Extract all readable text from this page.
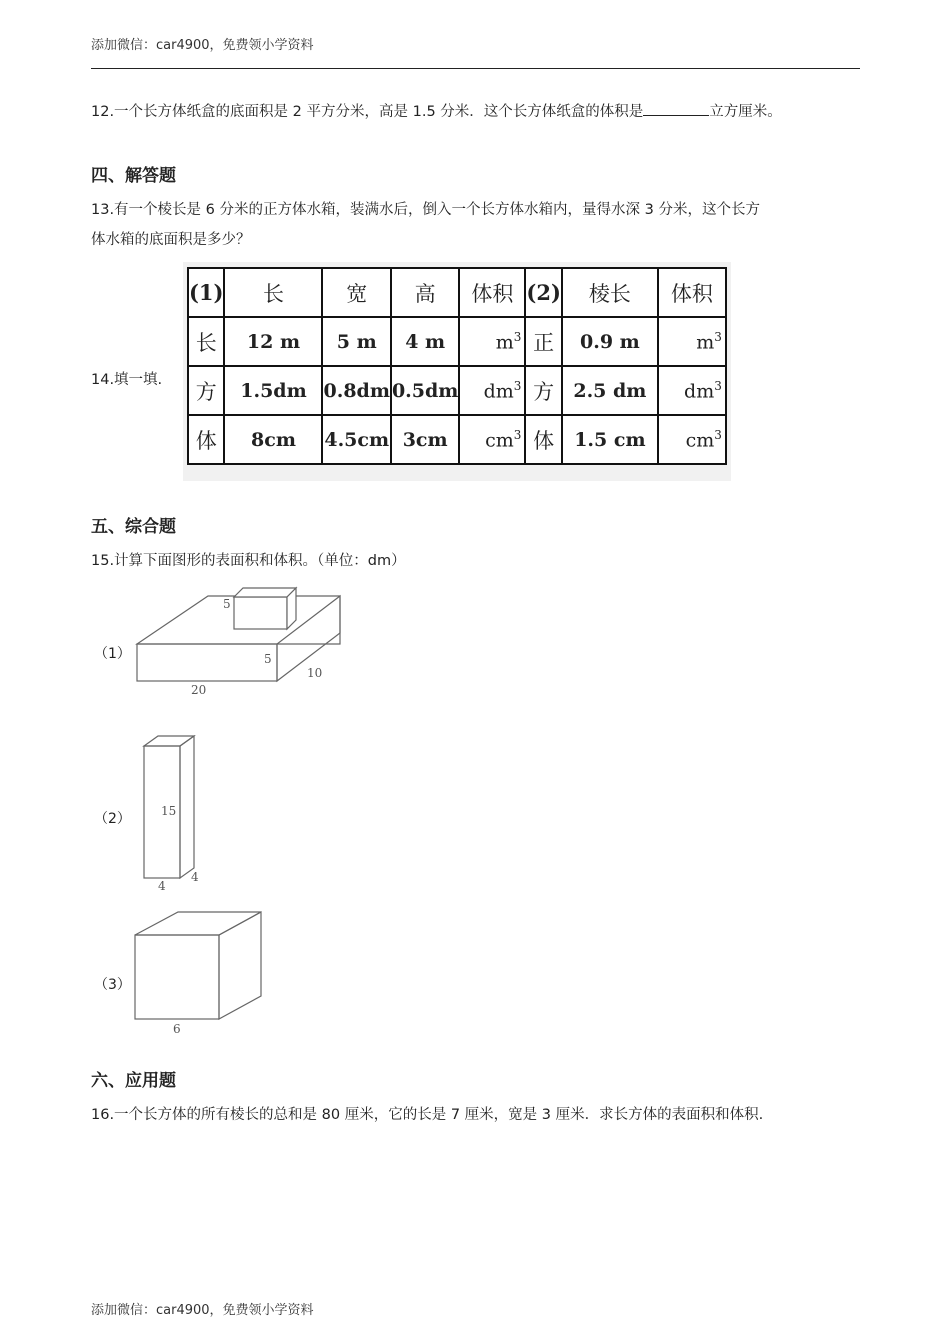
添加微信：car4900，免费领小学资料
12.一个长方体纸盒的底面积是 2 平方分米，高是 1.5 分米．这个长方体纸盒的体积是	立方厘米。
四、解答题
13.有一个棱长是 6 分米的正方体水箱，装满水后，倒入一个长方体水箱内，量得水深 3 分米，这个长方
体水箱的底面积是多少？
14.填一填.
(1)	长	宽	高	体积	(2)	棱长	体积
长	12 m	5 m	4 m	$m^3$	正	0.9 m	$m^3$
方	1.5dm	0.8dm	0.5dm	$dm^3$	方	2.5 dm	$dm^3$
体	8cm	4.5cm	3cm	$cm^3$	体	1.5 cm	$cm^3$
五、综合题
15.计算下面图形的表面积和体积。（单位：dm）
（1）
5
5
10
20
（2）	15
4
4
（3）
6
六、应用题
16.一个长方体的所有棱长的总和是 80 厘米，它的长是 7 厘米，宽是 3 厘米．求长方体的表面积和体积.
添加微信：car4900，免费领小学资料
